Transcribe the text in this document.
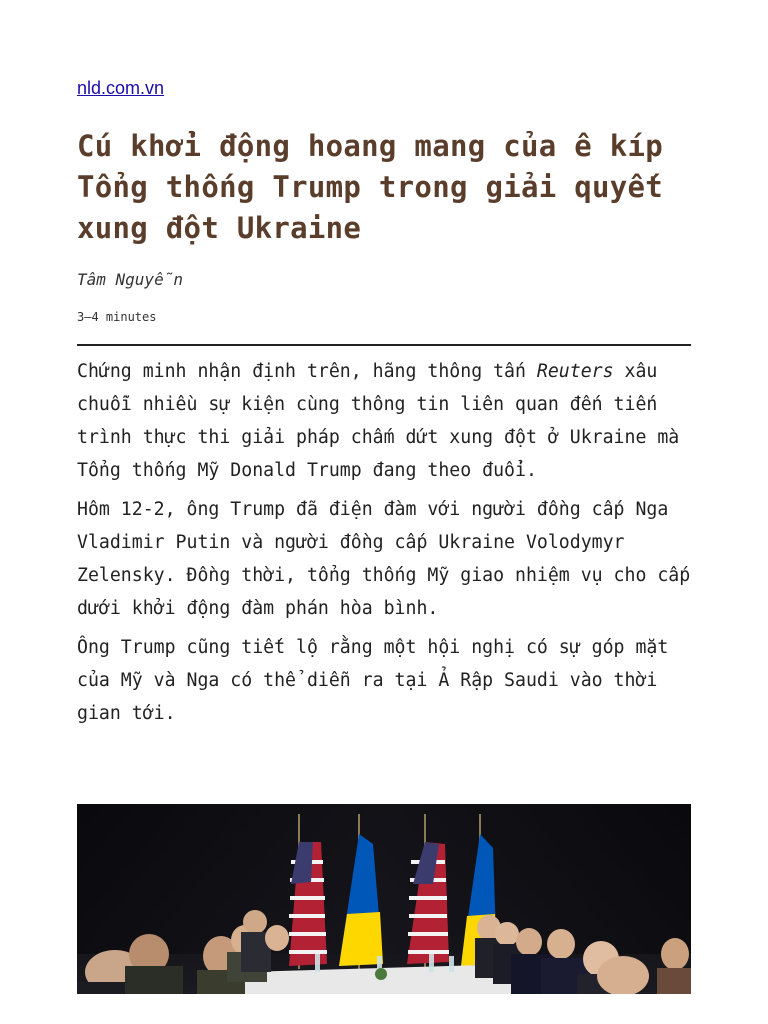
nld.com.vn
Cú khởi động hoang mang của ê kíp Tổng thống Trump trong giải quyết xung đột Ukraine
Tâm Nguyễn
3–4 minutes

Chứng minh nhận định trên, hãng thông tấn Reuters xâu chuỗi nhiều sự kiện cùng thông tin liên quan đến tiến trình thực thi giải pháp chấm dứt xung đột ở Ukraine mà Tổng thống Mỹ Donald Trump đang theo đuổi.

Hôm 12-2, ông Trump đã điện đàm với người đồng cấp Nga Vladimir Putin và người đồng cấp Ukraine Volodymyr Zelensky. Đồng thời, tổng thống Mỹ giao nhiệm vụ cho cấp dưới khởi động đàm phán hòa bình.

Ông Trump cũng tiết lộ rằng một hội nghị có sự góp mặt của Mỹ và Nga có thể diễn ra tại Ả Rập Saudi vào thời gian tới.
